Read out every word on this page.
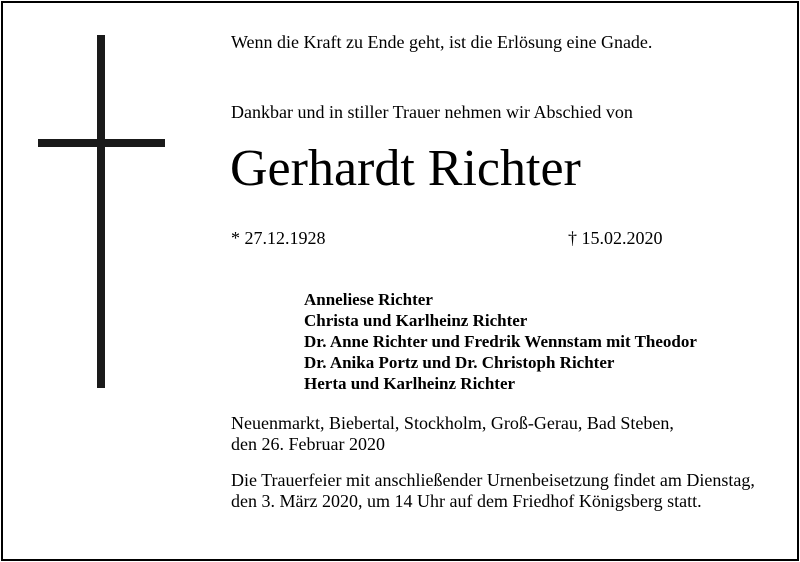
Wenn die Kraft zu Ende geht, ist die Erlösung eine Gnade.
Dankbar und in stiller Trauer nehmen wir Abschied von
Gerhardt Richter
* 27.12.1928	† 15.02.2020
Anneliese Richter
Christa und Karlheinz Richter
Dr. Anne Richter und Fredrik Wennstam mit Theodor
Dr. Anika Portz und Dr. Christoph Richter
Herta und Karlheinz Richter
Neuenmarkt, Biebertal, Stockholm, Groß-Gerau, Bad Steben,
den 26. Februar 2020
Die Trauerfeier mit anschließender Urnenbeisetzung findet am Dienstag,
den 3. März 2020, um 14 Uhr auf dem Friedhof Königsberg statt.
